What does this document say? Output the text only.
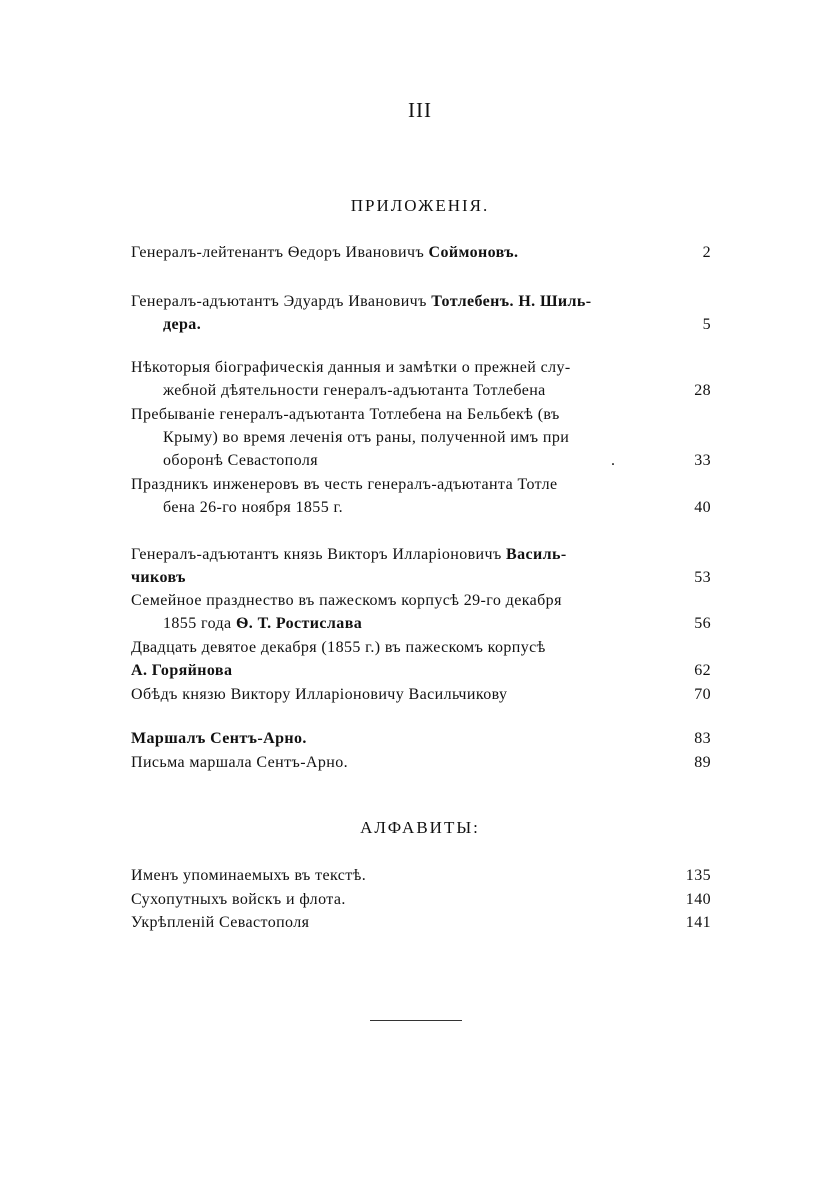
III
ПРИЛОЖЕНІЯ.
Генералъ-лейтенантъ Ѳедоръ Ивановичъ Соймоновъ.	2
Генералъ-адъютантъ Эдуардъ Ивановичъ Тотлебенъ. Н. Шиль-
дера.	5
Нѣкоторыя біографическія данныя и замѣтки о прежней слу-
жебной дѣятельности генералъ-адъютанта Тотлебена	28
Пребываніе генералъ-адъютанта Тотлебена на Бельбекѣ (въ
Крыму) во время леченія отъ раны, полученной имъ при
оборонѣ Севастополя	.	33
Праздникъ инженеровъ въ честь генералъ-адъютанта Тотле
бена 26-го ноября 1855 г.	40
Генералъ-адъютантъ князь Викторъ Илларіоновичъ Василь-
чиковъ	53
Семейное празднество въ пажескомъ корпусѣ 29-го декабря
1855 года Ѳ. Т. Ростислава	56
Двадцать девятое декабря (1855 г.) въ пажескомъ корпусѣ
А. Горяйнова	62
Обѣдъ князю Виктору Илларіоновичу Васильчикову	70
Маршалъ Сентъ-Арно.	83
Письма маршала Сентъ-Арно.	89
АЛФАВИТЫ:
Именъ упоминаемыхъ въ текстѣ.	135
Сухопутныхъ войскъ и флота.	140
Укрѣпленій Севастополя	141
